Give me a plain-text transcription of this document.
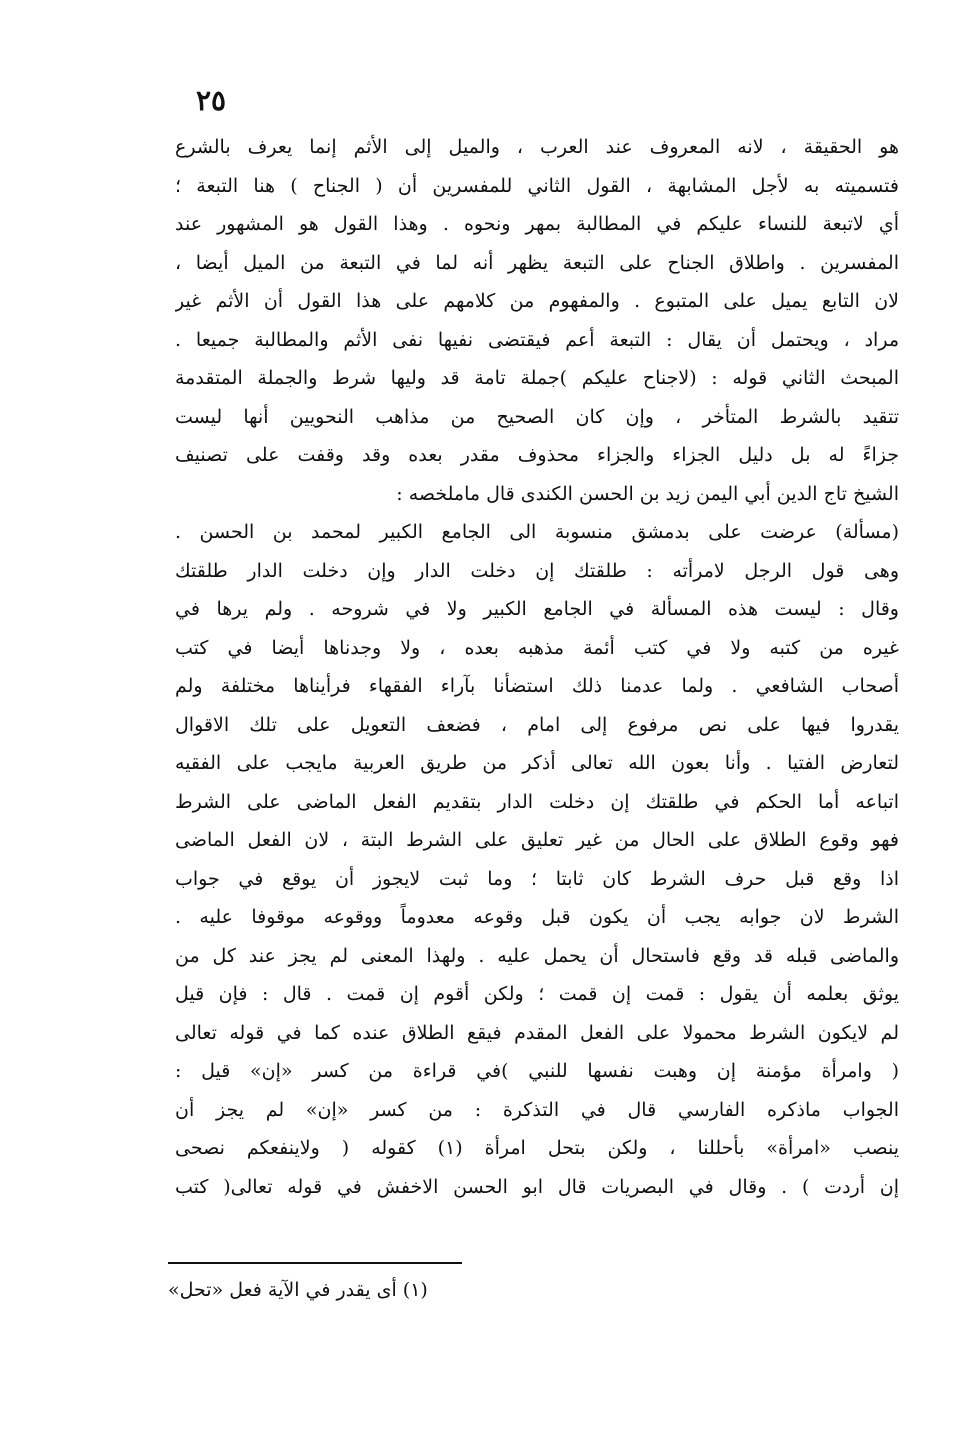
٢٥
هو الحقيقة ، لانه المعروف عند العرب ، والميل إلى الأثم إنما يعرف بالشرع
فتسميته به لأجل المشابهة ، القول الثاني للمفسرين أن ( الجناح ) هنا التبعة ؛
أي لاتبعة للنساء عليكم في المطالبة بمهر ونحوه . وهذا القول هو المشهور عند
المفسرين . واطلاق الجناح على التبعة يظهر أنه لما في التبعة من الميل أيضا ،
لان التابع يميل على المتبوع . والمفهوم من كلامهم على هذا القول أن الأثم غير
مراد ، ويحتمل أن يقال : التبعة أعم فيقتضى نفيها نفى الأثم والمطالبة جميعا .
المبحث الثاني قوله : (لاجناح عليكم )جملة تامة قد وليها شرط والجملة المتقدمة
تتقيد بالشرط المتأخر ، وإن كان الصحيح من مذاهب النحويين أنها ليست
جزاءً له بل دليل الجزاء والجزاء محذوف مقدر بعده وقد وقفت على تصنيف
الشيخ تاج الدين أبي اليمن زيد بن الحسن الكندى قال ماملخصه :
(مسألة) عرضت على بدمشق منسوبة الى الجامع الكبير لمحمد بن الحسن .
وهى قول الرجل لامرأته : طلقتك إن دخلت الدار وإن دخلت الدار طلقتك
وقال : ليست هذه المسألة في الجامع الكبير ولا في شروحه . ولم يرها في
غيره من كتبه ولا في كتب أئمة مذهبه بعده ، ولا وجدناها أيضا في كتب
أصحاب الشافعي . ولما عدمنا ذلك استضأنا بآراء الفقهاء فرأيناها مختلفة ولم
يقدروا فيها على نص مرفوع إلى امام ، فضعف التعويل على تلك الاقوال
لتعارض الفتيا . وأنا بعون الله تعالى أذكر من طريق العربية مايجب على الفقيه
اتباعه أما الحكم في طلقتك إن دخلت الدار بتقديم الفعل الماضى على الشرط
فهو وقوع الطلاق على الحال من غير تعليق على الشرط البتة ، لان الفعل الماضى
اذا وقع قبل حرف الشرط كان ثابتا ؛ وما ثبت لايجوز أن يوقع في جواب
الشرط لان جوابه يجب أن يكون قبل وقوعه معدوماً ووقوعه موقوفا عليه .
والماضى قبله قد وقع فاستحال أن يحمل عليه . ولهذا المعنى لم يجز عند كل من
يوثق بعلمه أن يقول : قمت إن قمت ؛ ولكن أقوم إن قمت . قال : فإن قيل
لم لايكون الشرط محمولا على الفعل المقدم فيقع الطلاق عنده كما في قوله تعالى
( وامرأة مؤمنة إن وهبت نفسها للنبي )في قراءة من كسر «إن» قيل :
الجواب ماذكره الفارسي قال في التذكرة : من كسر «إن» لم يجز أن
ينصب «امرأة» بأحللنا ، ولكن بتحل امرأة (١) كقوله ( ولاينفعكم نصحى
إن أردت ) . وقال في البصريات قال ابو الحسن الاخفش في قوله تعالى( كتب
(١) أى يقدر في الآية فعل «تحل»
